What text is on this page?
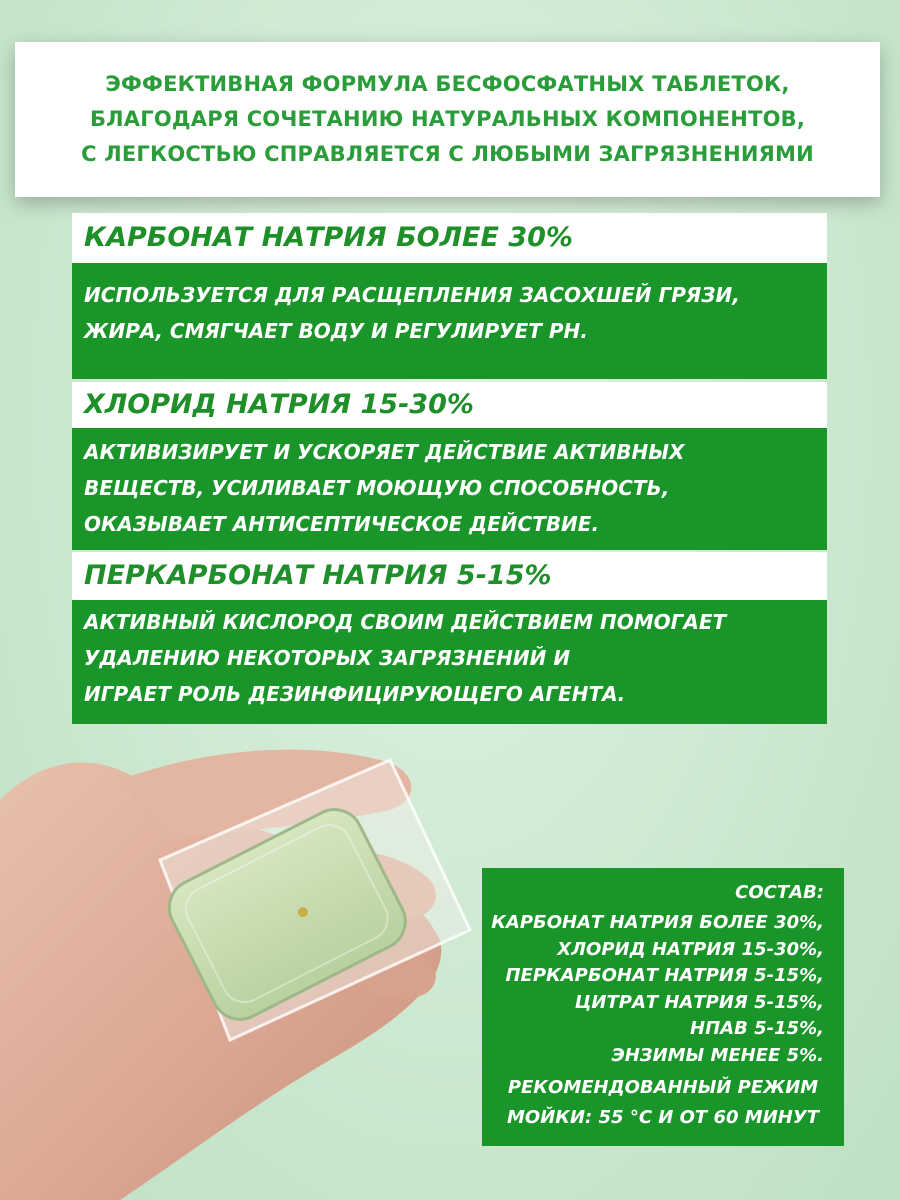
ЭФФЕКТИВНАЯ ФОРМУЛА БЕСФОСФАТНЫХ ТАБЛЕТОК,
БЛАГОДАРЯ СОЧЕТАНИЮ НАТУРАЛЬНЫХ КОМПОНЕНТОВ,
С ЛЕГКОСТЬЮ СПРАВЛЯЕТСЯ С ЛЮБЫМИ ЗАГРЯЗНЕНИЯМИ

КАРБОНАТ НАТРИЯ БОЛЕЕ 30%
ИСПОЛЬЗУЕТСЯ ДЛЯ РАСЩЕПЛЕНИЯ ЗАСОХШЕЙ ГРЯЗИ,
ЖИРА, СМЯГЧАЕТ ВОДУ И РЕГУЛИРУЕТ PH.
ХЛОРИД НАТРИЯ 15-30%
АКТИВИЗИРУЕТ И УСКОРЯЕТ ДЕЙСТВИЕ АКТИВНЫХ
ВЕЩЕСТВ, УСИЛИВАЕТ МОЮЩУЮ СПОСОБНОСТЬ,
ОКАЗЫВАЕТ АНТИСЕПТИЧЕСКОЕ ДЕЙСТВИЕ.
ПЕРКАРБОНАТ НАТРИЯ 5-15%
АКТИВНЫЙ КИСЛОРОД СВОИМ ДЕЙСТВИЕМ ПОМОГАЕТ
УДАЛЕНИЮ НЕКОТОРЫХ ЗАГРЯЗНЕНИЙ И
ИГРАЕТ РОЛЬ ДЕЗИНФИЦИРУЮЩЕГО АГЕНТА.
СОСТАВ:
КАРБОНАТ НАТРИЯ БОЛЕЕ 30%,
ХЛОРИД НАТРИЯ 15-30%,
ПЕРКАРБОНАТ НАТРИЯ 5-15%,
ЦИТРАТ НАТРИЯ 5-15%,
НПАВ 5-15%,
ЭНЗИМЫ МЕНЕЕ 5%.
РЕКОМЕНДОВАННЫЙ РЕЖИМ
МОЙКИ: 55 °С И ОТ 60 МИНУТ
